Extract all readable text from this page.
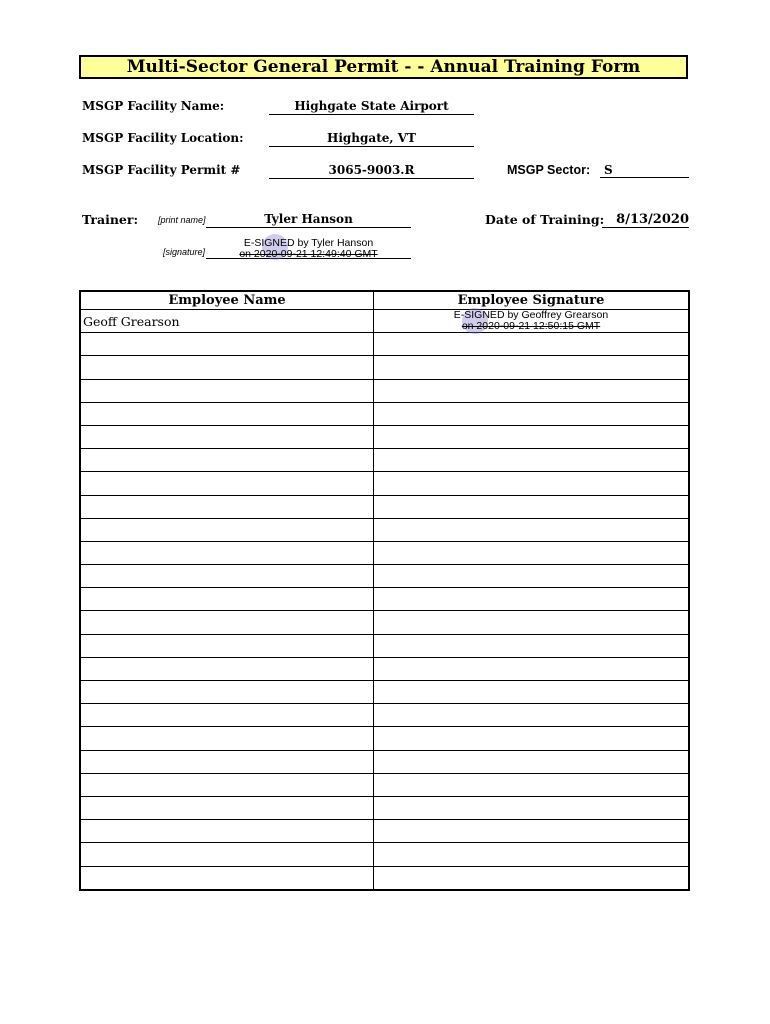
Multi-Sector General Permit - - Annual Training Form
MSGP Facility Name:	Highgate State Airport
MSGP Facility Location:	Highgate, VT
MSGP Facility Permit #	3065-9003.R	MSGP Sector:	S
Trainer: [print name]	Tyler Hanson	Date of Training: 8/13/2020
[signature]
E-SIGNED by Tyler Hanson
on 2020-09-21 12:49:40 GMT
Employee Name	Employee Signature
Geoff Grearson	E-SIGNED by Geoffrey Grearson
on 2020-09-21 12:50:15 GMT
